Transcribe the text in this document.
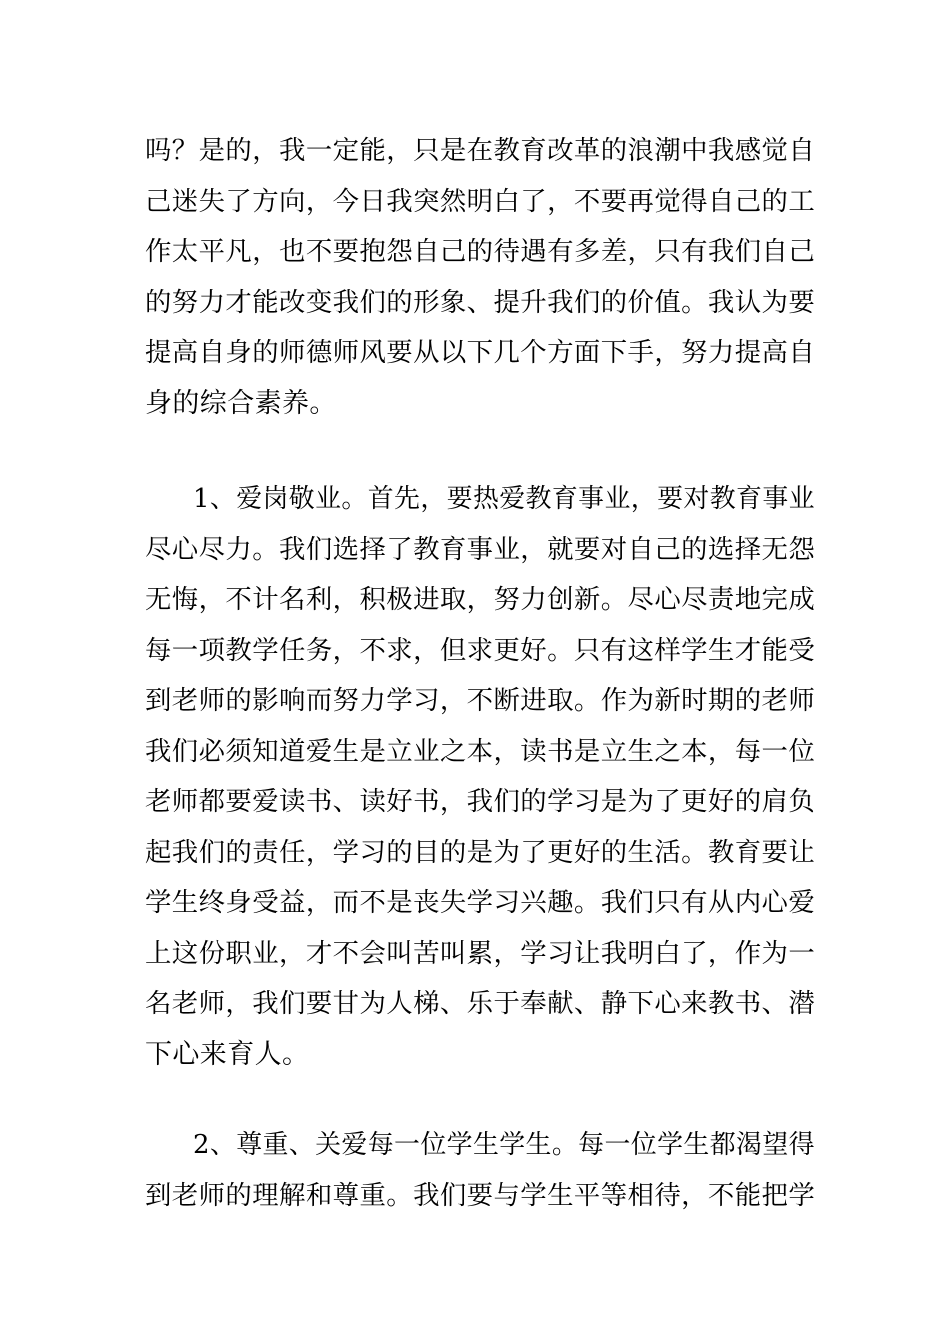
吗？是的，我一定能，只是在教育改革的浪潮中我感觉自
己迷失了方向，今日我突然明白了，不要再觉得自己的工
作太平凡，也不要抱怨自己的待遇有多差，只有我们自己
的努力才能改变我们的形象、提升我们的价值。我认为要
提高自身的师德师风要从以下几个方面下手，努力提高自
身的综合素养。
1、爱岗敬业。首先，要热爱教育事业，要对教育事业
尽心尽力。我们选择了教育事业，就要对自己的选择无怨
无悔，不计名利，积极进取，努力创新。尽心尽责地完成
每一项教学任务，不求，但求更好。只有这样学生才能受
到老师的影响而努力学习，不断进取。作为新时期的老师
我们必须知道爱生是立业之本，读书是立生之本，每一位
老师都要爱读书、读好书，我们的学习是为了更好的肩负
起我们的责任，学习的目的是为了更好的生活。教育要让
学生终身受益，而不是丧失学习兴趣。我们只有从内心爱
上这份职业，才不会叫苦叫累，学习让我明白了，作为一
名老师，我们要甘为人梯、乐于奉献、静下心来教书、潜
下心来育人。
2、尊重、关爱每一位学生学生。每一位学生都渴望得
到老师的理解和尊重。我们要与学生平等相待，不能把学
